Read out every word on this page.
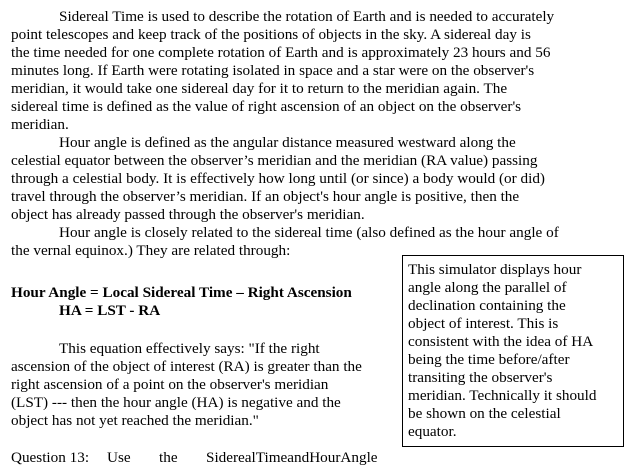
Sidereal Time is used to describe the rotation of Earth and is needed to accurately
point telescopes and keep track of the positions of objects in the sky. A sidereal day is
the time needed for one complete rotation of Earth and is approximately 23 hours and 56
minutes long. If Earth were rotating isolated in space and a star were on the observer's
meridian, it would take one sidereal day for it to return to the meridian again. The
sidereal time is defined as the value of right ascension of an object on the observer's
meridian.
Hour angle is defined as the angular distance measured westward along the
celestial equator between the observer’s meridian and the meridian (RA value) passing
through a celestial body. It is effectively how long until (or since) a body would (or did)
travel through the observer’s meridian. If an object's hour angle is positive, then the
object has already passed through the observer's meridian.
Hour angle is closely related to the sidereal time (also defined as the hour angle of
the vernal equinox.) They are related through:
Hour Angle = Local Sidereal Time – Right Ascension
HA = LST - RA
This equation effectively says: "If the right
ascension of the object of interest (RA) is greater than the
right ascension of a point on the observer's meridian
(LST) --- then the hour angle (HA) is negative and the
object has not yet reached the meridian."
This simulator displays hour
angle along the parallel of
declination containing the
object of interest. This is
consistent with the idea of HA
being the time before/after
transiting the observer's
meridian. Technically it should
be shown on the celestial
equator.
Question 13: Use the SiderealTimeandHourAngle
